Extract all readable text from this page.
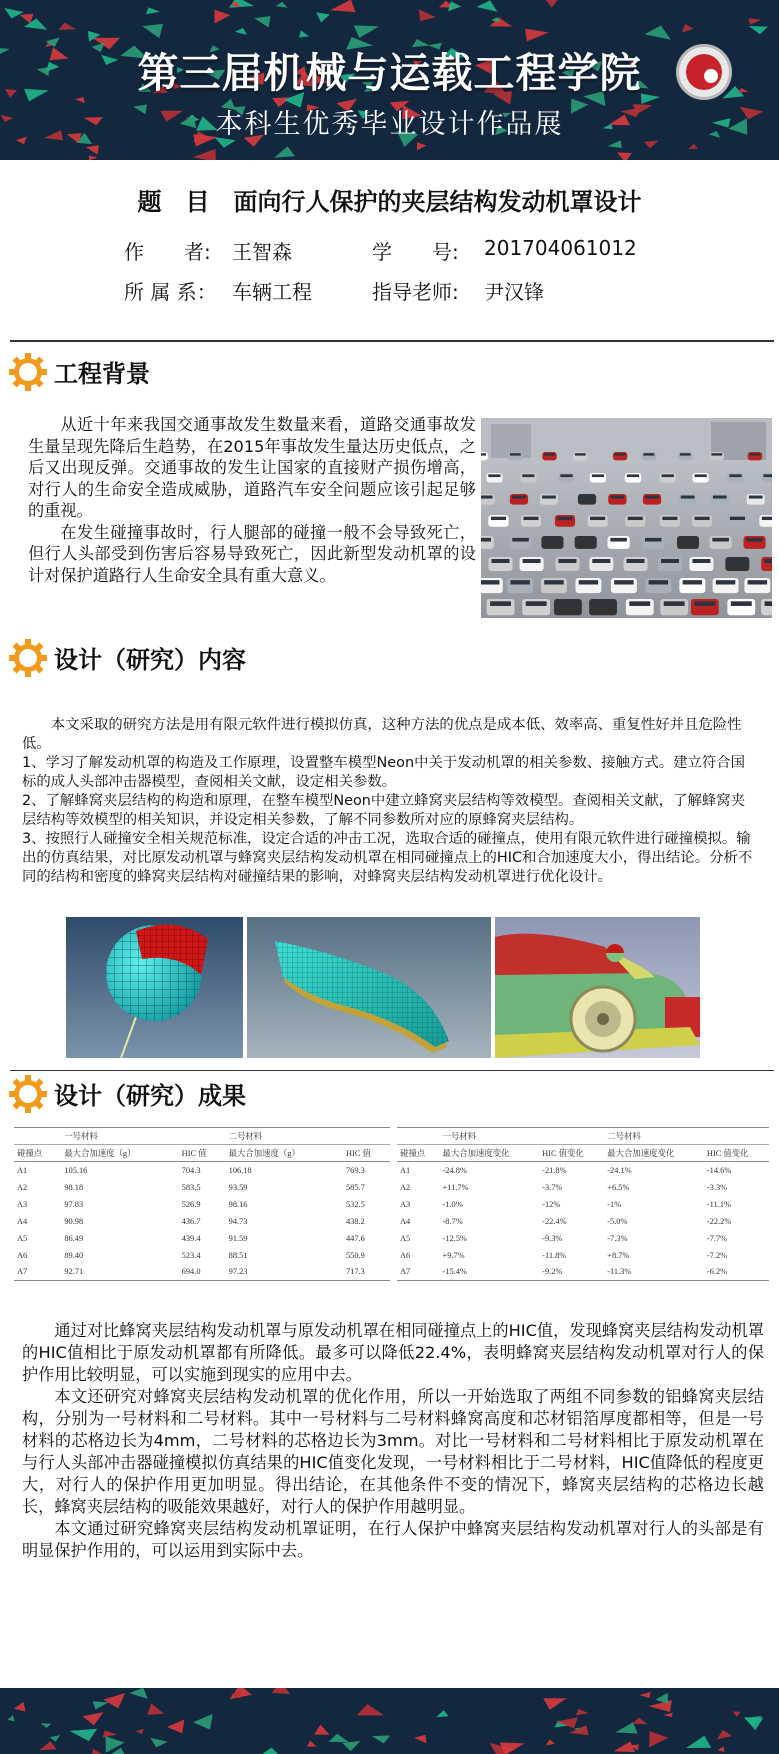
第三届机械与运载工程学院
本科生优秀毕业设计作品展
题　目　面向行人保护的夹层结构发动机罩设计
作　　者: 王智森	学　　号: 201704061012
所 属 系： 车辆工程	指导老师: 尹汉锋
工程背景

从近十年来我国交通事故发生数量来看，道路交通事故发生量呈现先降后生趋势，在2015年事故发生量达历史低点，之后又出现反弹。交通事故的发生让国家的直接财产损伤增高，对行人的生命安全造成威胁，道路汽车安全问题应该引起足够的重视。

在发生碰撞事故时，行人腿部的碰撞一般不会导致死亡，但行人头部受到伤害后容易导致死亡，因此新型发动机罩的设计对保护道路行人生命安全具有重大意义。

设计（研究）内容

本文采取的研究方法是用有限元软件进行模拟仿真，这种方法的优点是成本低、效率高、重复性好并且危险性低。

1、学习了解发动机罩的构造及工作原理，设置整车模型Neon中关于发动机罩的相关参数、接触方式。建立符合国标的成人头部冲击器模型，查阅相关文献，设定相关参数。

2、了解蜂窝夹层结构的构造和原理，在整车模型Neon中建立蜂窝夹层结构等效模型。查阅相关文献，了解蜂窝夹层结构等效模型的相关知识，并设定相关参数，了解不同参数所对应的原蜂窝夹层结构。

3、按照行人碰撞安全相关规范标准，设定合适的冲击工况，选取合适的碰撞点，使用有限元软件进行碰撞模拟。输出的仿真结果，对比原发动机罩与蜂窝夹层结构发动机罩在相同碰撞点上的HIC和合加速度大小，得出结论。分析不同的结构和密度的蜂窝夹层结构对碰撞结果的影响，对蜂窝夹层结构发动机罩进行优化设计。

设计（研究）成果
	一号材料		二号材料	
碰撞点	最大合加速度（g）	HIC 值	最大合加速度（g）	HIC 值
A1	105.16	704.3	106.18	769.3
A2	98.18	583.5	93.59	585.7
A3	97.83	526.9	98.16	532.5
A4	90.98	436.7	94.73	438.2
A5	86.49	439.4	91.59	447.6
A6	89.40	523.4	88.51	550.9
A7	92.71	694.0	97.23	717.3
	一号材料		二号材料	
碰撞点	最大合加速度变化	HIC 值变化	最大合加速度变化	HIC 值变化
A1	-24.8%	-21.8%	-24.1%	-14.6%
A2	+11.7%	-3.7%	+6.5%	-3.3%
A3	-1.0%	-12%	-1%	-11.1%
A4	-8.7%	-22.4%	-5.0%	-22.2%
A5	-12.5%	-9.3%	-7.3%	-7.7%
A6	+9.7%	-11.8%	+8.7%	-7.2%
A7	-15.4%	-9.2%	-11.3%	-6.2%

通过对比蜂窝夹层结构发动机罩与原发动机罩在相同碰撞点上的HIC值，发现蜂窝夹层结构发动机罩的HIC值相比于原发动机罩都有所降低。最多可以降低22.4%，表明蜂窝夹层结构发动机罩对行人的保护作用比较明显，可以实施到现实的应用中去。

本文还研究对蜂窝夹层结构发动机罩的优化作用，所以一开始选取了两组不同参数的铝蜂窝夹层结构，分别为一号材料和二号材料。其中一号材料与二号材料蜂窝高度和芯材铝箔厚度都相等，但是一号材料的芯格边长为4mm，二号材料的芯格边长为3mm。对比一号材料和二号材料相比于原发动机罩在与行人头部冲击器碰撞模拟仿真结果的HIC值变化发现，一号材料相比于二号材料，HIC值降低的程度更大，对行人的保护作用更加明显。得出结论，在其他条件不变的情况下，蜂窝夹层结构的芯格边长越长，蜂窝夹层结构的吸能效果越好，对行人的保护作用越明显。

本文通过研究蜂窝夹层结构发动机罩证明，在行人保护中蜂窝夹层结构发动机罩对行人的头部是有明显保护作用的，可以运用到实际中去。
